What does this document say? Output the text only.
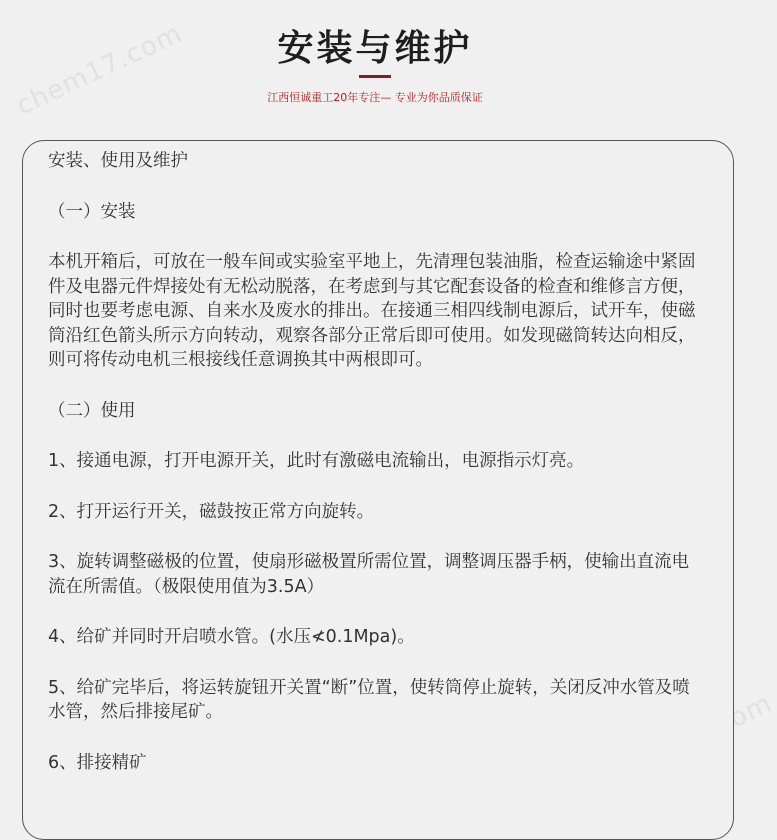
chem17.com	安装与维护
江西恒诚重工20年专注— 专业为你品质保证

安装、使用及维护

（一）安装

本机开箱后，可放在一般车间或实验室平地上，先清理包装油脂，检查运输途中紧固件及电器元件焊接处有无松动脱落，在考虑到与其它配套设备的检查和维修言方便，同时也要考虑电源、自来水及废水的排出。在接通三相四线制电源后，试开车，使磁筒沿红色箭头所示方向转动，观察各部分正常后即可使用。如发现磁筒转达向相反，则可将传动电机三根接线任意调换其中两根即可。

（二）使用

1、接通电源，打开电源开关，此时有激磁电流输出，电源指示灯亮。

2、打开运行开关，磁鼓按正常方向旋转。

3、旋转调整磁极的位置，使扇形磁极置所需位置，调整调压器手柄，使输出直流电流在所需值。（极限使用值为3.5A）

4、给矿并同时开启喷水管。(水压≮0.1Mpa)。

5、给矿完毕后，将运转旋钮开关置“断”位置，使转筒停止旋转，关闭反冲水管及喷水管，然后排接尾矿。

6、排接精矿
